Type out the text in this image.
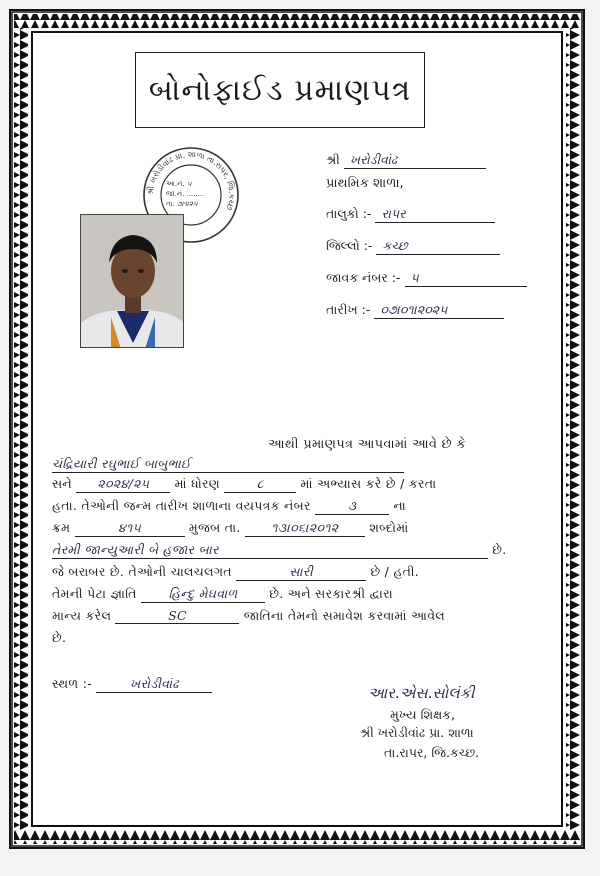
બોનોફાઈડ પ્રમાણપત્ર
શ્રી ખરોડીવાંઢ
પ્રાથમિક શાળા,
તાલુકો :- રાપર
જિલ્લો :- કચ્છ
જાવક નંબર :- ૫
તારીખ :- ૦૭।૦૧।૨૦૨૫
શ્રી ખરોડીવાંઢ પ્રા. શાળા તા.રાપર, જિ.કચ્છ
આ.નં. ૫
જા.નં. ........
તા. ૭।૧।૨૫
આથી પ્રમાણપત્ર આપવામાં આવે છે કે
ચંદ્રિયારી રઘુભાઈ બાબુભાઈ
સને ૨૦૨૪/૨૫ માં ધોરણ	૮	માં અભ્યાસ કરે છે / કરતા
હતા. તેઓની જન્મ તારીખ શાળાના વયપત્રક નંબર	૩	ના
ક્રમ	૪૧૫	મુજબ તા. ૧૩।૦૬।૨૦૧૨ શબ્દોમાં
તેરમી જાન્યુઆરી બે હજાર બાર	છે.
જે બરાબર છે. તેઓની ચાલચલગત	સારી	છે / હતી.
તેમની પેટા જ્ઞાતિ	હિન્દુ મેઘવાળ	છે. અને સરકારશ્રી દ્વારા
માન્ય કરેલ	SC	જાતિના તેમનો સમાવેશ કરવામાં આવેલ
છે.
સ્થળ :-	ખરોડીવાંઢ
આર.એસ.સોલંકી
મુખ્ય શિક્ષક,
શ્રી ખરોડીવાંઢ પ્રા. શાળા
તા.રાપર, જિ.કચ્છ.
